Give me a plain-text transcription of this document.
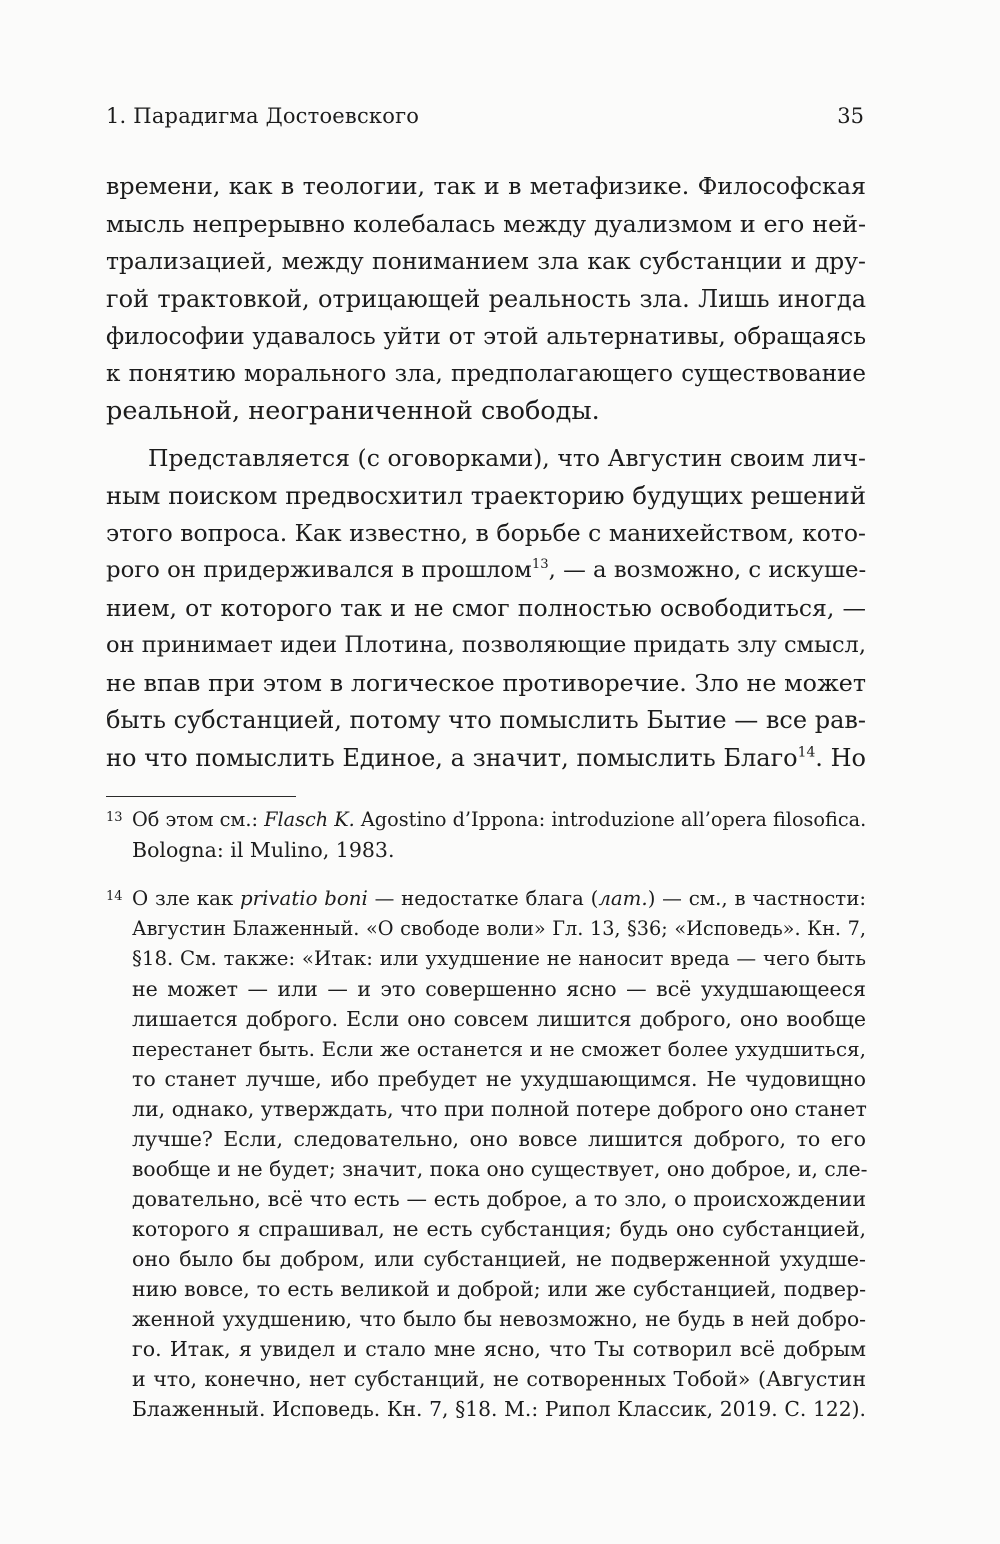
1. Парадигма Достоевского	35
времени, как в теологии, так и в метафизике. Философская
мысль непрерывно колебалась между дуализмом и его ней-
трализацией, между пониманием зла как субстанции и дру-
гой трактовкой, отрицающей реальность зла. Лишь иногда
философии удавалось уйти от этой альтернативы, обращаясь
к понятию морального зла, предполагающего существование
реальной, неограниченной свободы.
Представляется (с оговорками), что Августин своим лич-
ным поиском предвосхитил траекторию будущих решений
этого вопроса. Как известно, в борьбе с манихейством, кото-
рого он придерживался в прошлом$^{13}$, — а возможно, с искуше-
нием, от которого так и не смог полностью освободиться, —
он принимает идеи Плотина, позволяющие придать злу смысл,
не впав при этом в логическое противоречие. Зло не может
быть субстанцией, потому что помыслить Бытие — все рав-
но что помыслить Единое, а значит, помыслить Благо$^{14}$. Но
13 Об этом см.: Flasch K. Agostino d’Ippona: introduzione all’opera filosofica.
Bologna: il Mulino, 1983.
14 О зле как privatio boni — недостатке блага (лат.) — см., в частности:
Августин Блаженный. «О свободе воли» Гл. 13, §36; «Исповедь». Кн. 7,
§18. См. также: «Итак: или ухудшение не наносит вреда — чего быть
не может — или — и это совершенно ясно — всё ухудшающееся
лишается доброго. Если оно совсем лишится доброго, оно вообще
перестанет быть. Если же останется и не сможет более ухудшиться,
то станет лучше, ибо пребудет не ухудшающимся. Не чудовищно
ли, однако, утверждать, что при полной потере доброго оно станет
лучше? Если, следовательно, оно вовсе лишится доброго, то его
вообще и не будет; значит, пока оно существует, оно доброе, и, сле-
довательно, всё что есть — есть доброе, а то зло, о происхождении
которого я спрашивал, не есть субстанция; будь оно субстанцией,
оно было бы добром, или субстанцией, не подверженной ухудше-
нию вовсе, то есть великой и доброй; или же субстанцией, подвер-
женной ухудшению, что было бы невозможно, не будь в ней добро-
го. Итак, я увидел и стало мне ясно, что Ты сотворил всё добрым
и что, конечно, нет субстанций, не сотворенных Тобой» (Августин
Блаженный. Исповедь. Кн. 7, §18. М.: Рипол Классик, 2019. С. 122).
